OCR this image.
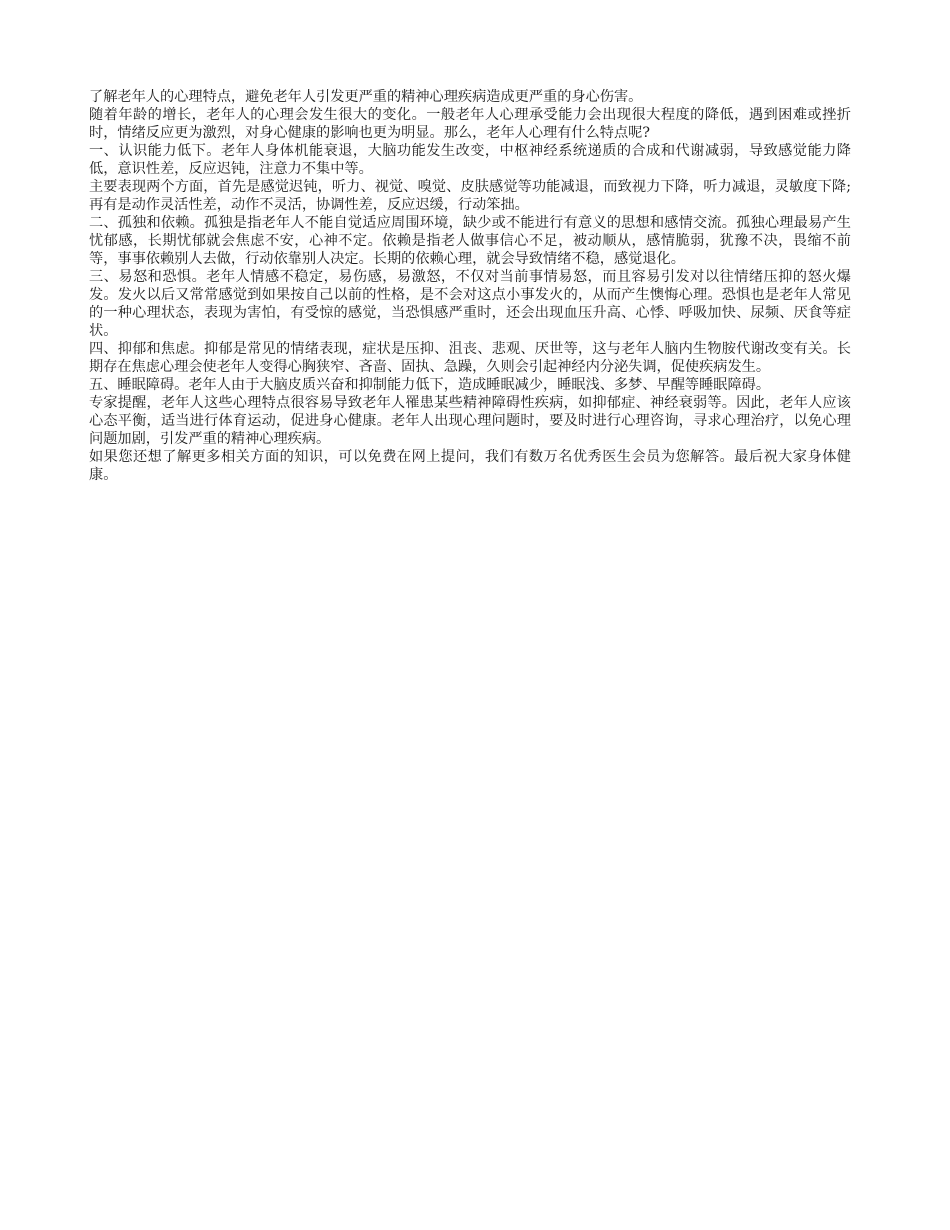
了解老年人的心理特点，避免老年人引发更严重的精神心理疾病造成更严重的身心伤害。

随着年龄的增长，老年人的心理会发生很大的变化。一般老年人心理承受能力会出现很大程度的降低，遇到困难或挫折时，情绪反应更为激烈，对身心健康的影响也更为明显。那么，老年人心理有什么特点呢?

一、认识能力低下。老年人身体机能衰退，大脑功能发生改变，中枢神经系统递质的合成和代谢减弱，导致感觉能力降低，意识性差，反应迟钝，注意力不集中等。

主要表现两个方面，首先是感觉迟钝，听力、视觉、嗅觉、皮肤感觉等功能减退，而致视力下降，听力减退，灵敏度下降;再有是动作灵活性差，动作不灵活，协调性差，反应迟缓，行动笨拙。

二、孤独和依赖。孤独是指老年人不能自觉适应周围环境，缺少或不能进行有意义的思想和感情交流。孤独心理最易产生忧郁感，长期忧郁就会焦虑不安，心神不定。依赖是指老人做事信心不足，被动顺从，感情脆弱，犹豫不决，畏缩不前等，事事依赖别人去做，行动依靠别人决定。长期的依赖心理，就会导致情绪不稳，感觉退化。

三、易怒和恐惧。老年人情感不稳定，易伤感，易激怒，不仅对当前事情易怒，而且容易引发对以往情绪压抑的怒火爆发。发火以后又常常感觉到如果按自己以前的性格，是不会对这点小事发火的，从而产生懊悔心理。恐惧也是老年人常见的一种心理状态，表现为害怕，有受惊的感觉，当恐惧感严重时，还会出现血压升高、心悸、呼吸加快、尿频、厌食等症状。

四、抑郁和焦虑。抑郁是常见的情绪表现，症状是压抑、沮丧、悲观、厌世等，这与老年人脑内生物胺代谢改变有关。长期存在焦虑心理会使老年人变得心胸狭窄、吝啬、固执、急躁，久则会引起神经内分泌失调，促使疾病发生。

五、睡眠障碍。老年人由于大脑皮质兴奋和抑制能力低下，造成睡眠减少，睡眠浅、多梦、早醒等睡眠障碍。

专家提醒，老年人这些心理特点很容易导致老年人罹患某些精神障碍性疾病，如抑郁症、神经衰弱等。因此，老年人应该心态平衡，适当进行体育运动，促进身心健康。老年人出现心理问题时，要及时进行心理咨询，寻求心理治疗，以免心理问题加剧，引发严重的精神心理疾病。

如果您还想了解更多相关方面的知识，可以免费在网上提问，我们有数万名优秀医生会员为您解答。最后祝大家身体健康。
